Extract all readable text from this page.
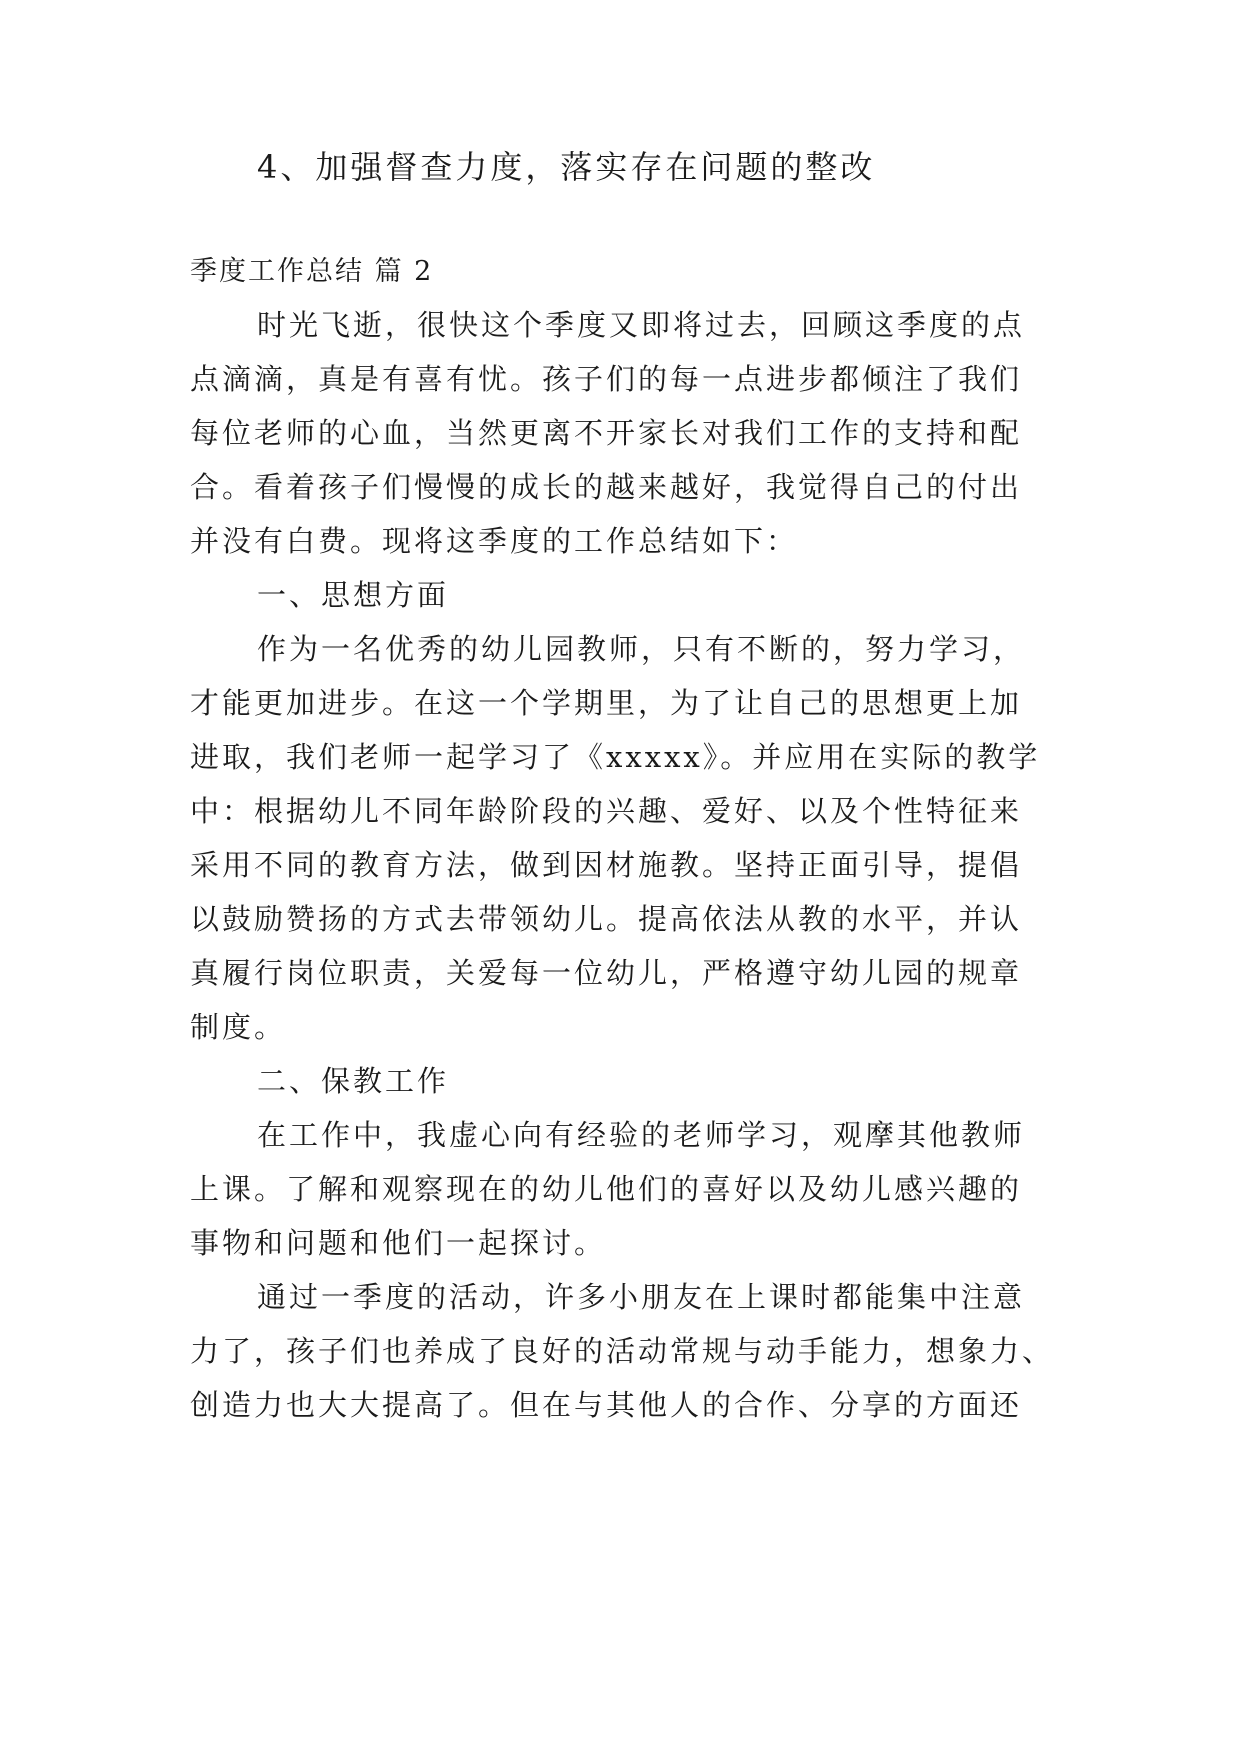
4、加强督查力度，落实存在问题的整改
季度工作总结 篇 2
时光飞逝，很快这个季度又即将过去，回顾这季度的点
点滴滴，真是有喜有忧。孩子们的每一点进步都倾注了我们
每位老师的心血，当然更离不开家长对我们工作的支持和配
合。看着孩子们慢慢的成长的越来越好，我觉得自己的付出
并没有白费。现将这季度的工作总结如下：
一、思想方面
作为一名优秀的幼儿园教师，只有不断的，努力学习，
才能更加进步。在这一个学期里，为了让自己的思想更上加
进取，我们老师一起学习了《xxxxx》。并应用在实际的教学
中：根据幼儿不同年龄阶段的兴趣、爱好、以及个性特征来
采用不同的教育方法，做到因材施教。坚持正面引导，提倡
以鼓励赞扬的方式去带领幼儿。提高依法从教的水平，并认
真履行岗位职责，关爱每一位幼儿，严格遵守幼儿园的规章
制度。
二、保教工作
在工作中，我虚心向有经验的老师学习，观摩其他教师
上课。了解和观察现在的幼儿他们的喜好以及幼儿感兴趣的
事物和问题和他们一起探讨。
通过一季度的活动，许多小朋友在上课时都能集中注意
力了，孩子们也养成了良好的活动常规与动手能力，想象力、
创造力也大大提高了。但在与其他人的合作、分享的方面还
